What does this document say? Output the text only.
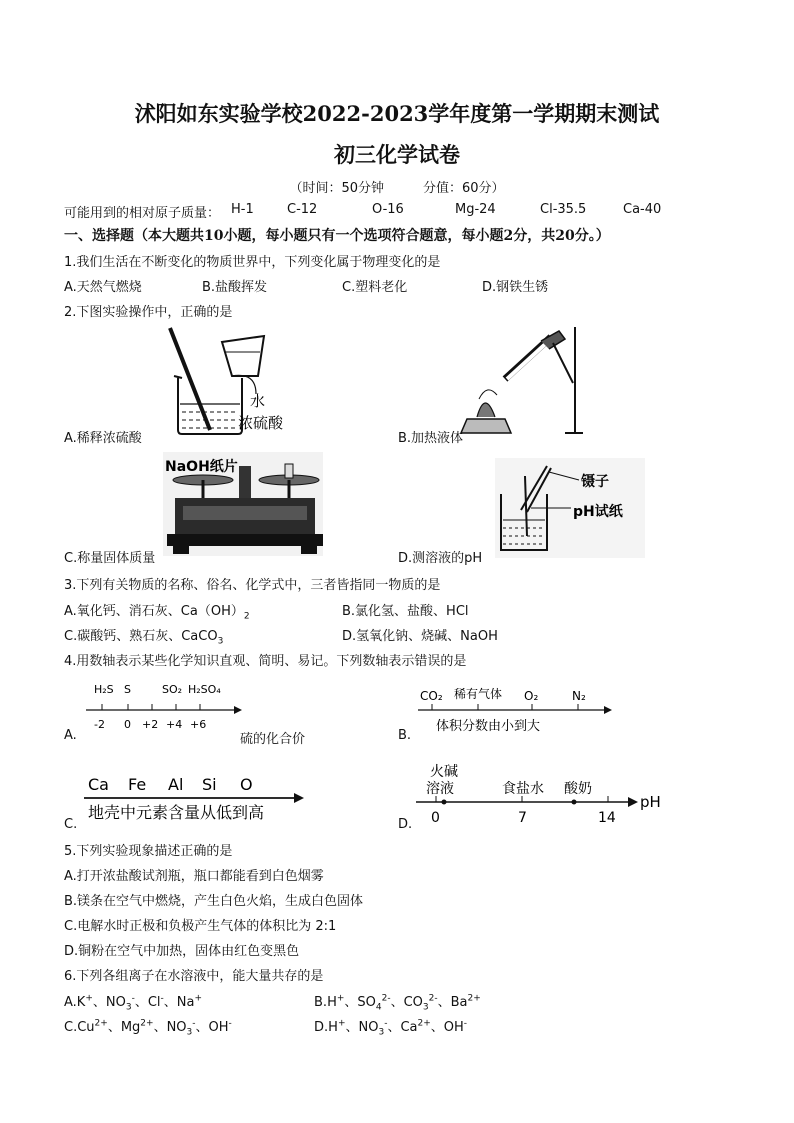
沭阳如东实验学校2022-2023学年度第一学期期末测试
初三化学试卷
（时间：50分钟　　　分值：60分）
可能用到的相对原子质量： H-1	C-12	O-16	Mg-24	Cl-35.5	Ca-40
一、选择题（本大题共10小题，每小题只有一个选项符合题意，每小题2分，共20分。）
1.我们生活在不断变化的物质世界中，下列变化属于物理变化的是
A.天然气燃烧	B.盐酸挥发	C.塑料老化	D.钢铁生锈
2.下图实验操作中，正确的是
水
浓硫酸
A.稀释浓硫酸	B.加热液体
NaOH纸片
C.称量固体质量
镊子
pH试纸
D.测溶液的pH
3.下列有关物质的名称、俗名、化学式中，三者皆指同一物质的是
A.氧化钙、消石灰、$Ca(OH)_2$	B.氯化氢、盐酸、HCl
C.碳酸钙、熟石灰、CaCO$_3$	D.氢氧化钠、烧碱、NaOH
4.用数轴表示某些化学知识直观、简明、易记。下列数轴表示错误的是
H₂S S	SO₂ H₂SO₄
-2 0 +2 +4 +6
A.	硫的化合价
CO₂ 稀有气体 O₂	N₂
体积分数由小到大
B.
Ca Fe Al Si O
地壳中元素含量从低到高
C.
火碱
溶液	食盐水 酸奶
0	7	14
pH
D.
5.下列实验现象描述正确的是
A.打开浓盐酸试剂瓶，瓶口都能看到白色烟雾
B.镁条在空气中燃烧，产生白色火焰，生成白色固体
C.电解水时正极和负极产生气体的体积比为 2:1
D.铜粉在空气中加热，固体由红色变黑色
6.下列各组离子在水溶液中，能大量共存的是
A.K+、$NO_3^-$、Cl-、Na+	B.H+、$SO_4^{2-}$、$CO_3^{2-}$、$Ba^{2+}$
$C.Cu^{2+}$、$Mg^{2+}$、$NO_3^-$、OH-	D.H+、$NO_3^-$、$Ca^{2+}$、OH-
